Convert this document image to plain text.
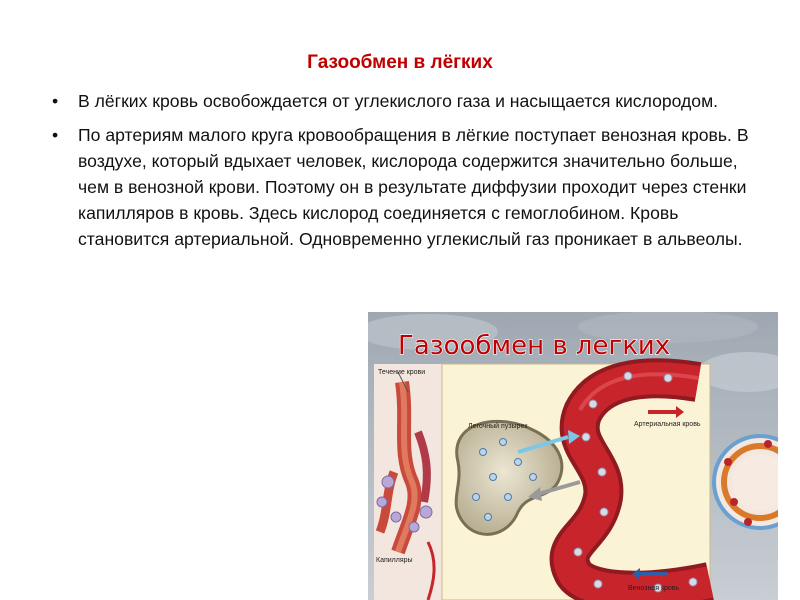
Газообмен в лёгких
• В лёгких кровь освобождается от углекислого газа и насыщается кислородом.
• По артериям малого круга кровообращения в лёгкие поступает венозная кровь. В воздухе, который вдыхает человек, кислорода содержится значительно больше, чем в венозной крови. Поэтому он в результате диффузии проходит через стенки капилляров в кровь. Здесь кислород соединяется с гемоглобином. Кровь становится артериальной. Одновременно углекислый газ проникает в альвеолы.
Течение крови
Капилляры
Легочный пузырек	Артериальная кровь
Венозная кровь
Газообмен в легких
